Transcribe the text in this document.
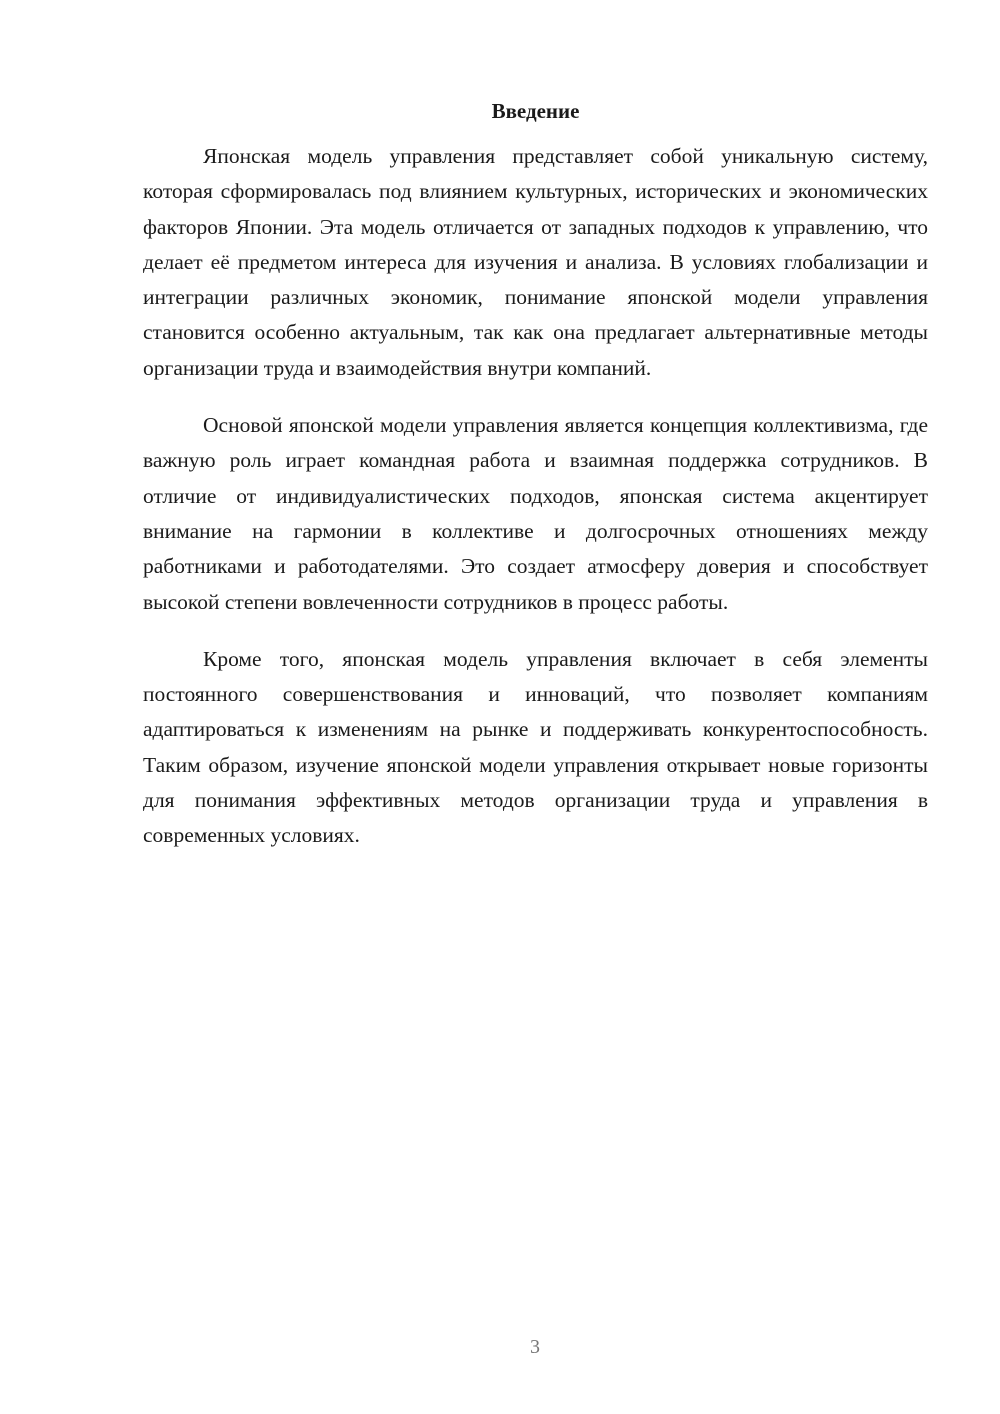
Введение

Японская модель управления представляет собой уникальную систему, которая сформировалась под влиянием культурных, исторических и экономических факторов Японии. Эта модель отличается от западных подходов к управлению, что делает её предметом интереса для изучения и анализа. В условиях глобализации и интеграции различных экономик, понимание японской модели управления становится особенно актуальным, так как она предлагает альтернативные методы организации труда и взаимодействия внутри компаний.

Основой японской модели управления является концепция коллективизма, где важную роль играет командная работа и взаимная поддержка сотрудников. В отличие от индивидуалистических подходов, японская система акцентирует внимание на гармонии в коллективе и долгосрочных отношениях между работниками и работодателями. Это создает атмосферу доверия и способствует высокой степени вовлеченности сотрудников в процесс работы.

Кроме того, японская модель управления включает в себя элементы постоянного совершенствования и инноваций, что позволяет компаниям адаптироваться к изменениям на рынке и поддерживать конкурентоспособность. Таким образом, изучение японской модели управления открывает новые горизонты для понимания эффективных методов организации труда и управления в современных условиях.

3
